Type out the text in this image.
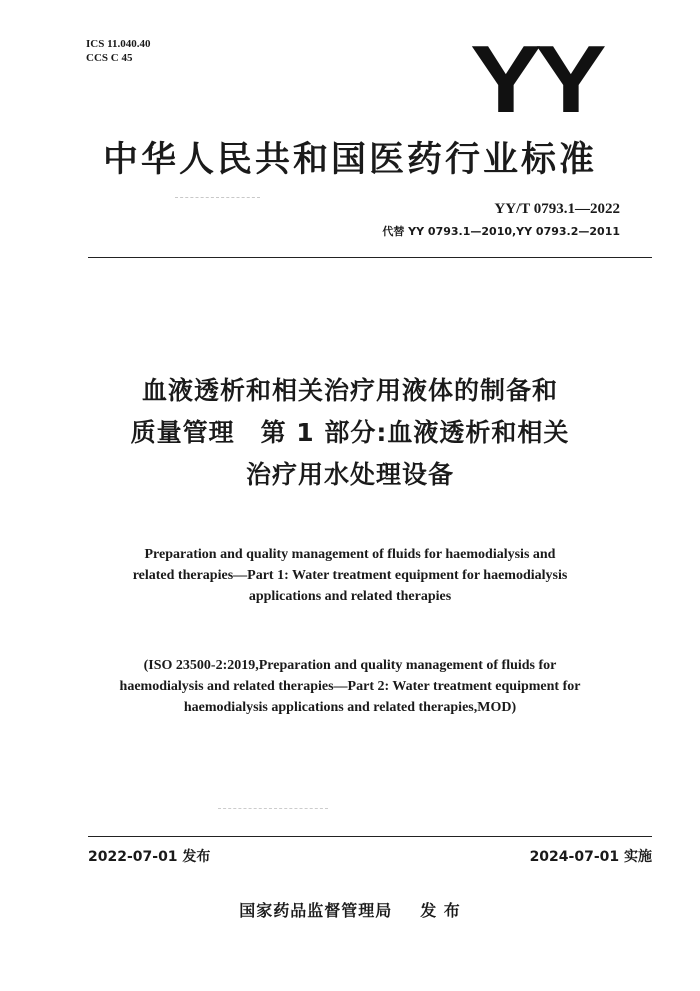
ICS 11.040.40
CCS C 45	YY
中华人民共和国医药行业标准
YY/T 0793.1—2022
代替 YY 0793.1—2010,YY 0793.2—2011
血液透析和相关治疗用液体的制备和
质量管理　第 1 部分:血液透析和相关
治疗用水处理设备
Preparation and quality management of fluids for haemodialysis and
related therapies—Part 1: Water treatment equipment for haemodialysis
applications and related therapies
(ISO 23500-2:2019,Preparation and quality management of fluids for
haemodialysis and related therapies—Part 2: Water treatment equipment for
haemodialysis applications and related therapies,MOD)
2022-07-01 发布	2024-07-01 实施
国家药品监督管理局 发 布
